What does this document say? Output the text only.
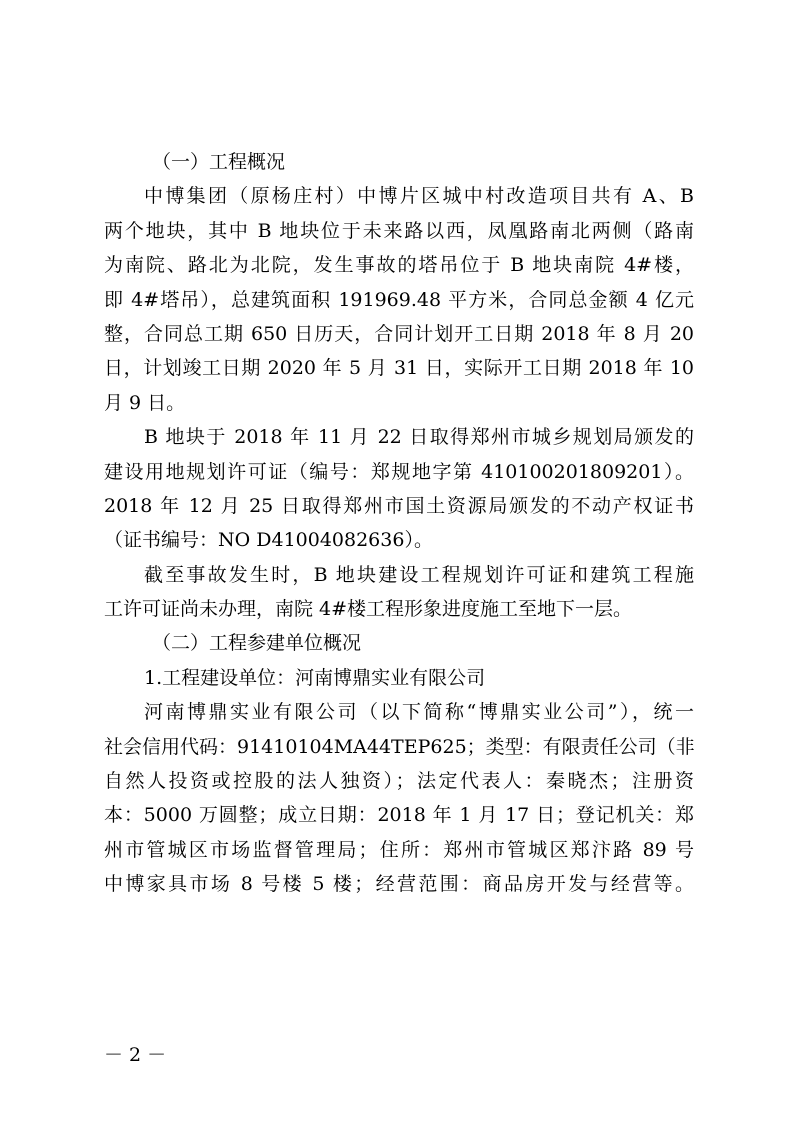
（一）工程概况
中博集团（原杨庄村）中博片区城中村改造项目共有 A、B
两个地块，其中 B 地块位于未来路以西，凤凰路南北两侧（路南
为南院、路北为北院，发生事故的塔吊位于 B 地块南院 4#楼，
即 4#塔吊），总建筑面积 191969.48 平方米，合同总金额 4 亿元
整，合同总工期 650 日历天，合同计划开工日期 2018 年 8 月 20
日，计划竣工日期 2020 年 5 月 31 日，实际开工日期 2018 年 10
月 9 日。
B 地块于 2018 年 11 月 22 日取得郑州市城乡规划局颁发的
建设用地规划许可证（编号：郑规地字第 410100201809201）。
2018 年 12 月 25 日取得郑州市国土资源局颁发的不动产权证书
（证书编号：NO D41004082636）。
截至事故发生时，B 地块建设工程规划许可证和建筑工程施
工许可证尚未办理，南院 4#楼工程形象进度施工至地下一层。
（二）工程参建单位概况
1.工程建设单位：河南博鼎实业有限公司
河南博鼎实业有限公司（以下简称“博鼎实业公司”），统一
社会信用代码：91410104MA44TEP625；类型：有限责任公司（非
自然人投资或控股的法人独资）；法定代表人：秦晓杰；注册资
本：5000 万圆整；成立日期：2018 年 1 月 17 日；登记机关：郑
州市管城区市场监督管理局；住所：郑州市管城区郑汴路 89 号
中博家具市场 8 号楼 5 楼；经营范围：商品房开发与经营等。
－ 2 －
